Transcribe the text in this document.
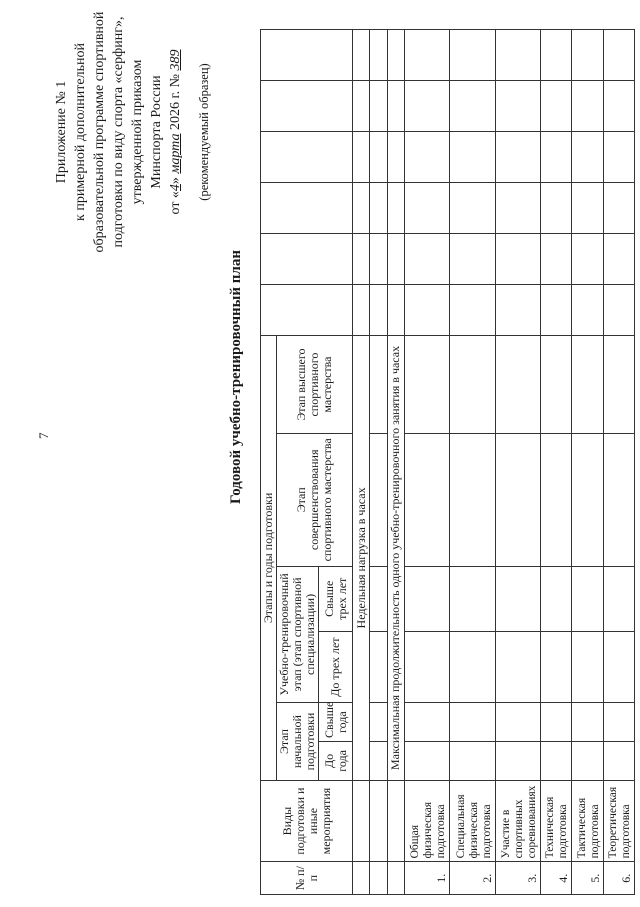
7
Приложение № 1 к примерной дополнительной образовательной программе спортивной подготовки по виду спорта «серфинг», утвержденной приказом Минспорта России
от «4» марта 2026 г. № 389
(рекомендуемый образец)
Годовой учебно-тренировочный план
№ п/п	Виды подготовки и иные мероприятия	Этапы и годы подготовки											
		Этап начальной подготовки		Учебно-тренировочный этап (этап спортивной специализации)		Этап совершенствования спортивного мастерства	Этап высшего спортивного мастерства						
		До года	Свыше года	До трех лет	Свыше трех лет								
		Недельная нагрузка в часах											

		Максимальная продолжительность одного учебно-тренировочного занятия в часах											
1.	Общая физическая подготовка												
2.	Специальная физическая подготовка												
3.	Участие в спортивных соревнованиях												
4.	Техническая подготовка												
5.	Тактическая подготовка												
6.	Теоретическая подготовка												
